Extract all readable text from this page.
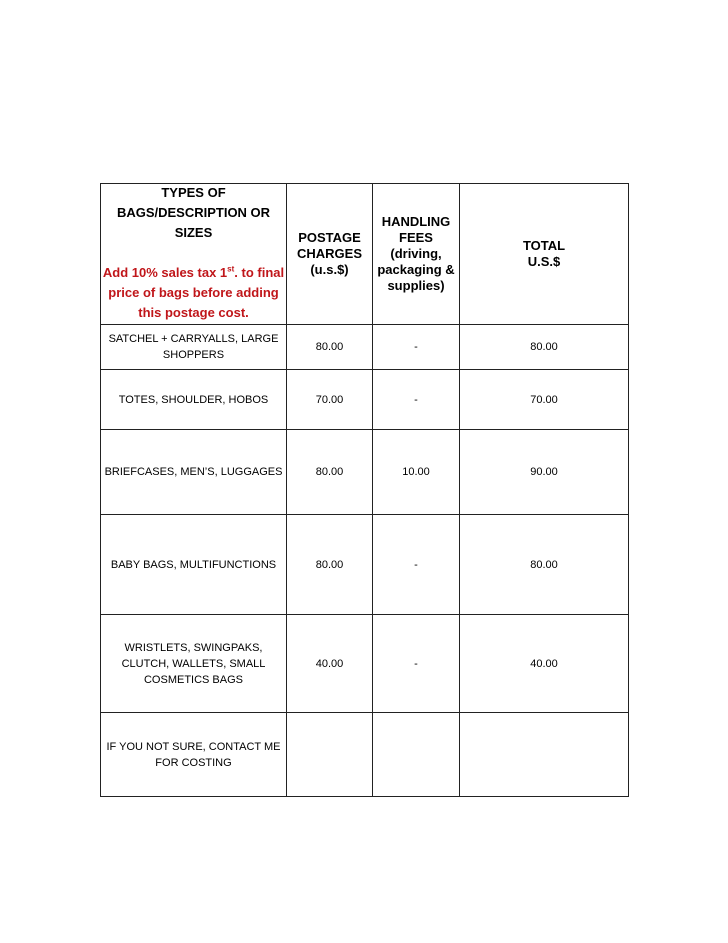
TYPES OF BAGS/DESCRIPTION OR SIZES
Add 10% sales tax 1st. to final price of bags before adding this postage cost.	POSTAGE CHARGES (u.s.$)	HANDLING FEES (driving, packaging & supplies)	TOTAL U.S.$
SATCHEL + CARRYALLS, LARGE SHOPPERS	80.00	-	80.00
TOTES, SHOULDER, HOBOS	70.00	-	70.00
BRIEFCASES, MEN’S, LUGGAGES	80.00	10.00	90.00
BABY BAGS, MULTIFUNCTIONS	80.00	-	80.00
WRISTLETS, SWINGPAKS, CLUTCH, WALLETS, SMALL COSMETICS BAGS	40.00	-	40.00
IF YOU NOT SURE, CONTACT ME FOR COSTING			
